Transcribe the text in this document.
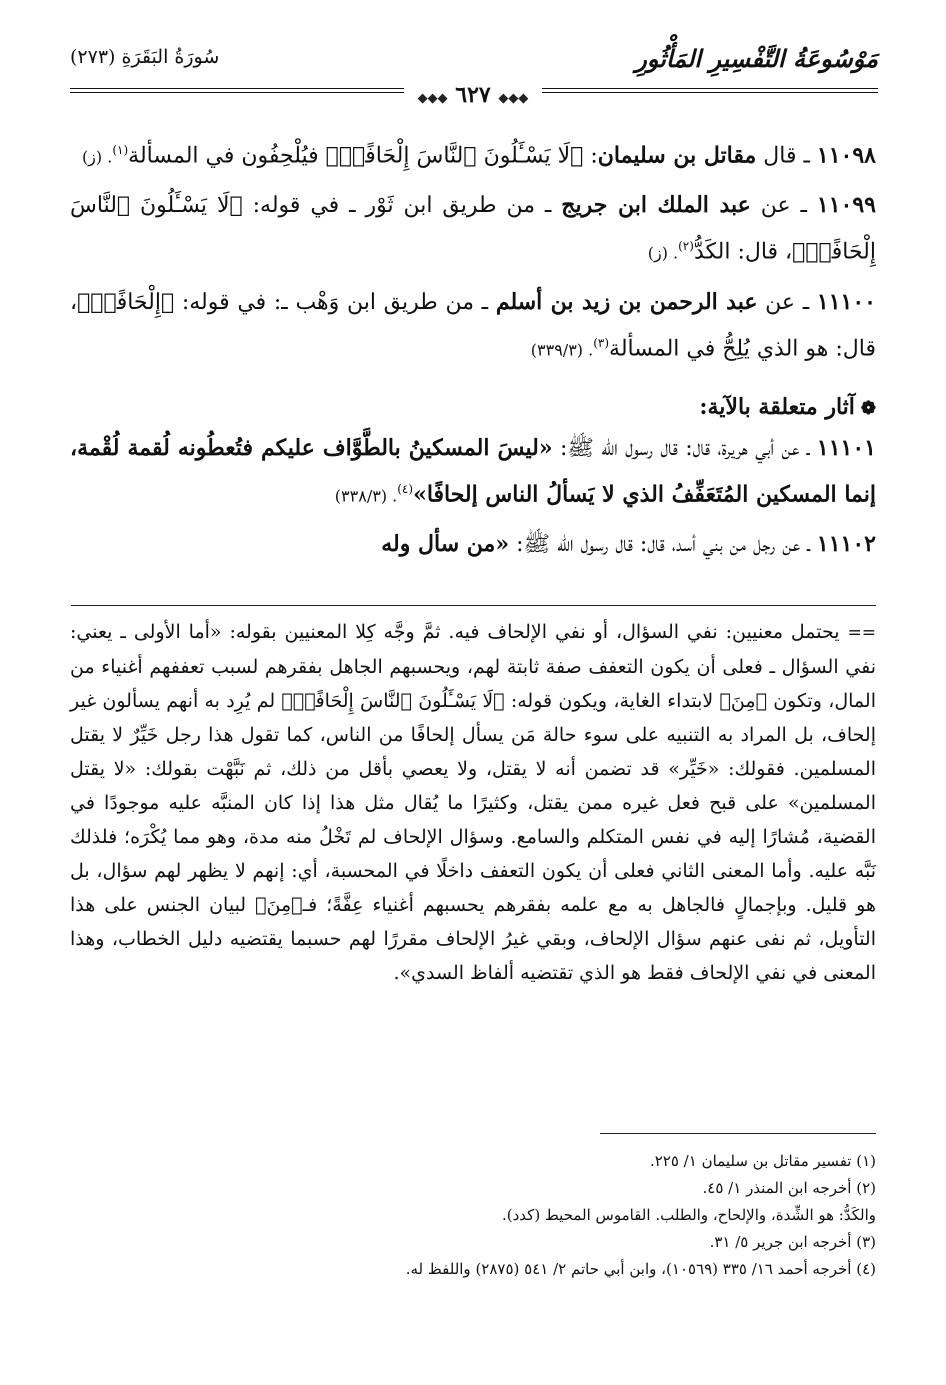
مَوْسُوعَةُ التَّفْسِيرِ المَأْثُورِ
سُورَةُ البَقَرَةِ (٢٧٣)
◆◆◆ ٦٢٧ ◆◆◆

١١٠٩٨ ـ قال مقاتل بن سليمان: ﴿لَا يَسْـَٔلُونَ ٱلنَّاسَ إِلْحَافًاۗ﴾ فيُلْحِفُون في المسألة$^{(١)}$. (ز)

١١٠٩٩ ـ عن عبد الملك ابن جريج ـ من طريق ابن ثَوْر ـ في قوله: ﴿لَا يَسْـَٔلُونَ ٱلنَّاسَ إِلْحَافًاۗ﴾، قال: الكَدُّ$^{(٢)}$. (ز)

١١١٠٠ ـ عن عبد الرحمن بن زيد بن أسلم ـ من طريق ابن وَهْب ـ: في قوله: ﴿إِلْحَافًاۗ﴾، قال: هو الذي يُلِحُّ في المسألة$^{(٣)}$. (٣٣٩/٣)

❁آثار متعلقة بالآية:

١١١٠١ ـ عن أبي هريرة، قال: قال رسول الله ﷺ: «ليسَ المسكينُ بالطَّوَّاف عليكم فتُعطُونه لُقمة لُقْمة، إنما المسكين المُتَعَفِّفُ الذي لا يَسألُ الناس إلحافًا»$^{(٤)}$. (٣٣٨/٣)

١١١٠٢ ـ عن رجل من بني أسد، قال: قال رسول الله ﷺ: «من سأل وله

== يحتمل معنيين: نفي السؤال، أو نفي الإلحاف فيه. ثمَّ وجَّه كِلا المعنيين بقوله: «أما الأولى ـ يعني: نفي السؤال ـ فعلى أن يكون التعفف صفة ثابتة لهم، ويحسبهم الجاهل بفقرهم لسبب تعففهم أغنياء من المال، وتكون ﴿مِنَ﴾ لابتداء الغاية، ويكون قوله: ﴿لَا يَسْـَٔلُونَ ٱلنَّاسَ إِلْحَافًاۗ﴾ لم يُرِد به أنهم يسألون غير إلحاف، بل المراد به التنبيه على سوء حالة مَن يسأل إلحافًا من الناس، كما تقول هذا رجل خَيِّرٌ لا يقتل المسلمين. فقولك: «خَيِّر» قد تضمن أنه لا يقتل، ولا يعصي بأقل من ذلك، ثم نَبَّهْت بقولك: «لا يقتل المسلمين» على قبح فعل غيره ممن يقتل، وكثيرًا ما يُقال مثل هذا إذا كان المنبَّه عليه موجودًا في القضية، مُشارًا إليه في نفس المتكلم والسامع. وسؤال الإلحاف لم تَخْلُ منه مدة، وهو مما يُكْرَه؛ فلذلك نَبَّه عليه. وأما المعنى الثاني فعلى أن يكون التعفف داخلًا في المحسبة، أي: إنهم لا يظهر لهم سؤال، بل هو قليل. وبإجمالٍ فالجاهل به مع علمه بفقرهم يحسبهم أغنياء عِفَّةً؛ فـ﴿مِنَ﴾ لبيان الجنس على هذا التأويل، ثم نفى عنهم سؤال الإلحاف، وبقي غيرُ الإلحاف مقررًا لهم حسبما يقتضيه دليل الخطاب، وهذا المعنى في نفي الإلحاف فقط هو الذي تقتضيه ألفاظ السدي».

(١) تفسير مقاتل بن سليمان ١/ ٢٢٥.

(٢) أخرجه ابن المنذر ١/ ٤٥.

والكَدُّ: هو الشِّدة، والإلحاح، والطلب. القاموس المحيط (كدد).

(٣) أخرجه ابن جرير ٥/ ٣١.

(٤) أخرجه أحمد ١٦/ ٣٣٥ (١٠٥٦٩)، وابن أبي حاتم ٢/ ٥٤١ (٢٨٧٥) واللفظ له.
